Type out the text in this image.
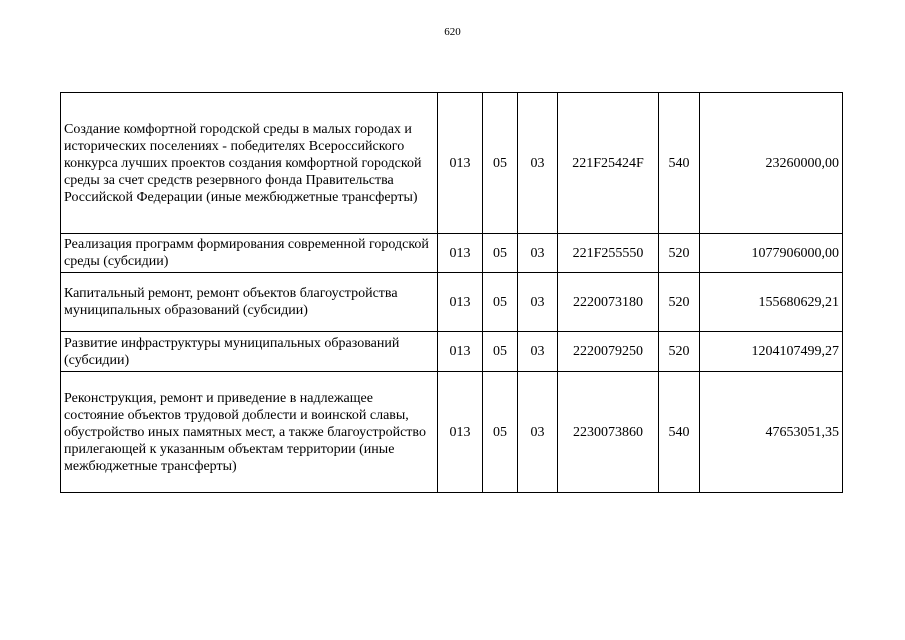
620
Создание комфортной городской среды в малых городах и исторических поселениях - победителях Всероссийского конкурса лучших проектов создания комфортной городской среды за счет средств резервного фонда Правительства Российской Федерации (иные межбюджетные трансферты)	013	05	03	221F25424F	540	23260000,00
Реализация программ формирования современной городской среды (субсидии)	013	05	03	221F255550	520	1077906000,00
Капитальный ремонт, ремонт объектов благоустройства муниципальных образований (субсидии)	013	05	03	2220073180	520	155680629,21
Развитие инфраструктуры муниципальных образований (субсидии)	013	05	03	2220079250	520	1204107499,27
Реконструкция, ремонт и приведение в надлежащее состояние объектов трудовой доблести и воинской славы, обустройство иных памятных мест, а также благоустройство прилегающей к указанным объектам территории (иные межбюджетные трансферты)	013	05	03	2230073860	540	47653051,35
